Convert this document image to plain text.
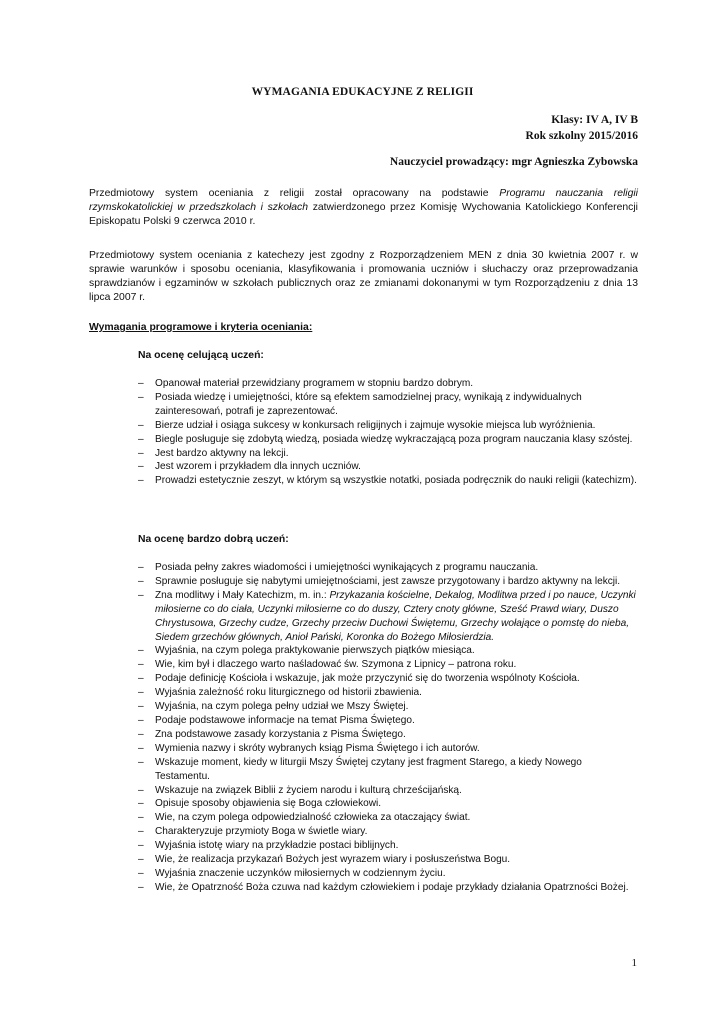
WYMAGANIA EDUKACYJNE Z RELIGII
Klasy: IV A, IV B
Rok szkolny 2015/2016
Nauczyciel prowadzący: mgr Agnieszka Zybowska

Przedmiotowy system oceniania z religii został opracowany na podstawie Programu nauczania religii rzymskokatolickiej w przedszkolach i szkołach zatwierdzonego przez Komisję Wychowania Katolickiego Konferencji Episkopatu Polski 9 czerwca 2010 r.

Przedmiotowy system oceniania z katechezy jest zgodny z Rozporządzeniem MEN z dnia 30 kwietnia 2007 r. w sprawie warunków i sposobu oceniania, klasyfikowania i promowania uczniów i słuchaczy oraz przeprowadzania sprawdzianów i egzaminów w szkołach publicznych oraz ze zmianami dokonanymi w tym Rozporządzeniu z dnia 13 lipca 2007 r.
Wymagania programowe i kryteria oceniania:
Na ocenę celującą uczeń:
– Opanował materiał przewidziany programem w stopniu bardzo dobrym.
– Posiada wiedzę i umiejętności, które są efektem samodzielnej pracy, wynikają z indywidualnych zainteresowań, potrafi je zaprezentować.
– Bierze udział i osiąga sukcesy w konkursach religijnych i zajmuje wysokie miejsca lub wyróżnienia.
– Biegle posługuje się zdobytą wiedzą, posiada wiedzę wykraczającą poza program nauczania klasy szóstej.
– Jest bardzo aktywny na lekcji.
– Jest wzorem i przykładem dla innych uczniów.
– Prowadzi estetycznie zeszyt, w którym są wszystkie notatki, posiada podręcznik do nauki religii (katechizm).
Na ocenę bardzo dobrą uczeń:
– Posiada pełny zakres wiadomości i umiejętności wynikających z programu nauczania.
– Sprawnie posługuje się nabytymi umiejętnościami, jest zawsze przygotowany i bardzo aktywny na lekcji.
– Zna modlitwy i Mały Katechizm, m. in.: Przykazania kościelne, Dekalog, Modlitwa przed i po nauce, Uczynki miłosierne co do ciała, Uczynki miłosierne co do duszy, Cztery cnoty główne, Sześć Prawd wiary, Duszo Chrystusowa, Grzechy cudze, Grzechy przeciw Duchowi Świętemu, Grzechy wołające o pomstę do nieba, Siedem grzechów głównych, Anioł Pański, Koronka do Bożego Miłosierdzia.
– Wyjaśnia, na czym polega praktykowanie pierwszych piątków miesiąca.
– Wie, kim był i dlaczego warto naśladować św. Szymona z Lipnicy – patrona roku.
– Podaje definicję Kościoła i wskazuje, jak może przyczynić się do tworzenia wspólnoty Kościoła.
– Wyjaśnia zależność roku liturgicznego od historii zbawienia.
– Wyjaśnia, na czym polega pełny udział we Mszy Świętej.
– Podaje podstawowe informacje na temat Pisma Świętego.
– Zna podstawowe zasady korzystania z Pisma Świętego.
– Wymienia nazwy i skróty wybranych ksiąg Pisma Świętego i ich autorów.
– Wskazuje moment, kiedy w liturgii Mszy Świętej czytany jest fragment Starego, a kiedy Nowego Testamentu.
– Wskazuje na związek Biblii z życiem narodu i kulturą chrześcijańską.
– Opisuje sposoby objawienia się Boga człowiekowi.
– Wie, na czym polega odpowiedzialność człowieka za otaczający świat.
– Charakteryzuje przymioty Boga w świetle wiary.
– Wyjaśnia istotę wiary na przykładzie postaci biblijnych.
– Wie, że realizacja przykazań Bożych jest wyrazem wiary i posłuszeństwa Bogu.
– Wyjaśnia znaczenie uczynków miłosiernych w codziennym życiu.
– Wie, że Opatrzność Boża czuwa nad każdym człowiekiem i podaje przykłady działania Opatrzności Bożej.
1
